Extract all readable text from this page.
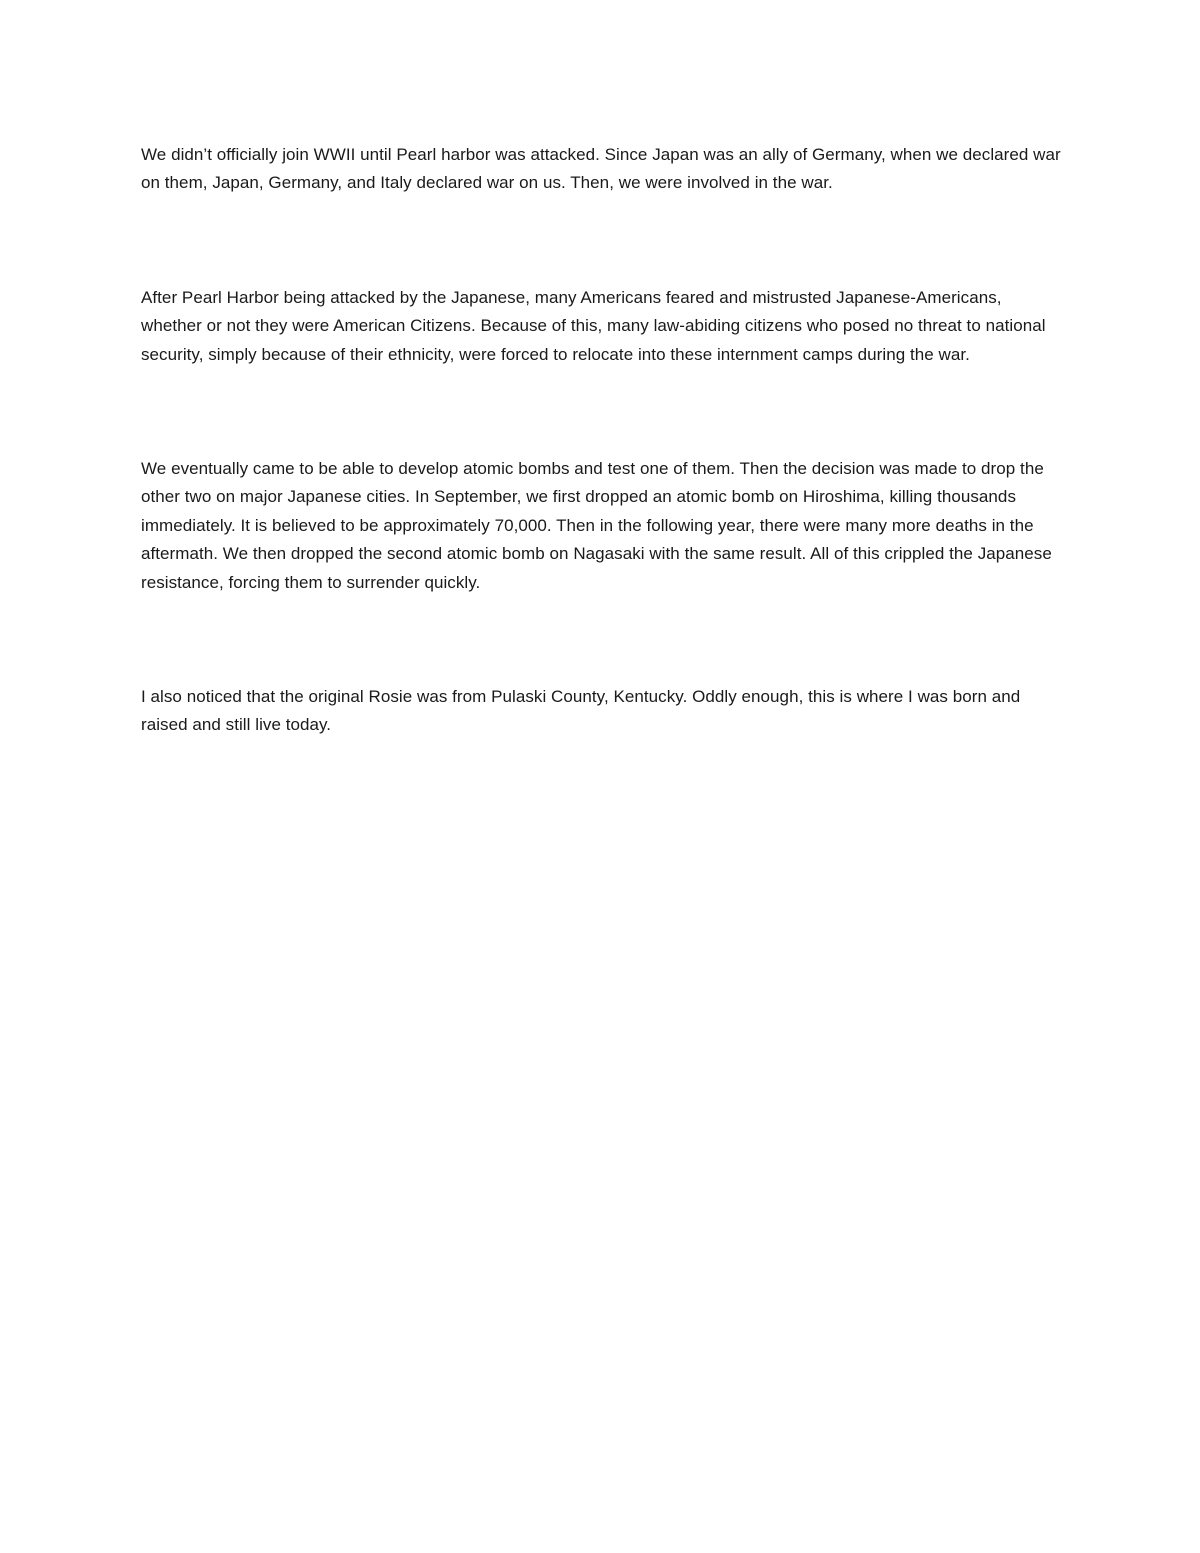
We didn’t officially join WWII until Pearl harbor was attacked. Since Japan was an ally of Germany, when we declared war on them, Japan, Germany, and Italy declared war on us. Then, we were involved in the war.

After Pearl Harbor being attacked by the Japanese, many Americans feared and mistrusted Japanese-Americans, whether or not they were American Citizens. Because of this, many law-abiding citizens who posed no threat to national security, simply because of their ethnicity, were forced to relocate into these internment camps during the war.

We eventually came to be able to develop atomic bombs and test one of them. Then the decision was made to drop the other two on major Japanese cities. In September, we first dropped an atomic bomb on Hiroshima, killing thousands immediately. It is believed to be approximately 70,000. Then in the following year, there were many more deaths in the aftermath. We then dropped the second atomic bomb on Nagasaki with the same result. All of this crippled the Japanese resistance, forcing them to surrender quickly.

I also noticed that the original Rosie was from Pulaski County, Kentucky. Oddly enough, this is where I was born and raised and still live today.
